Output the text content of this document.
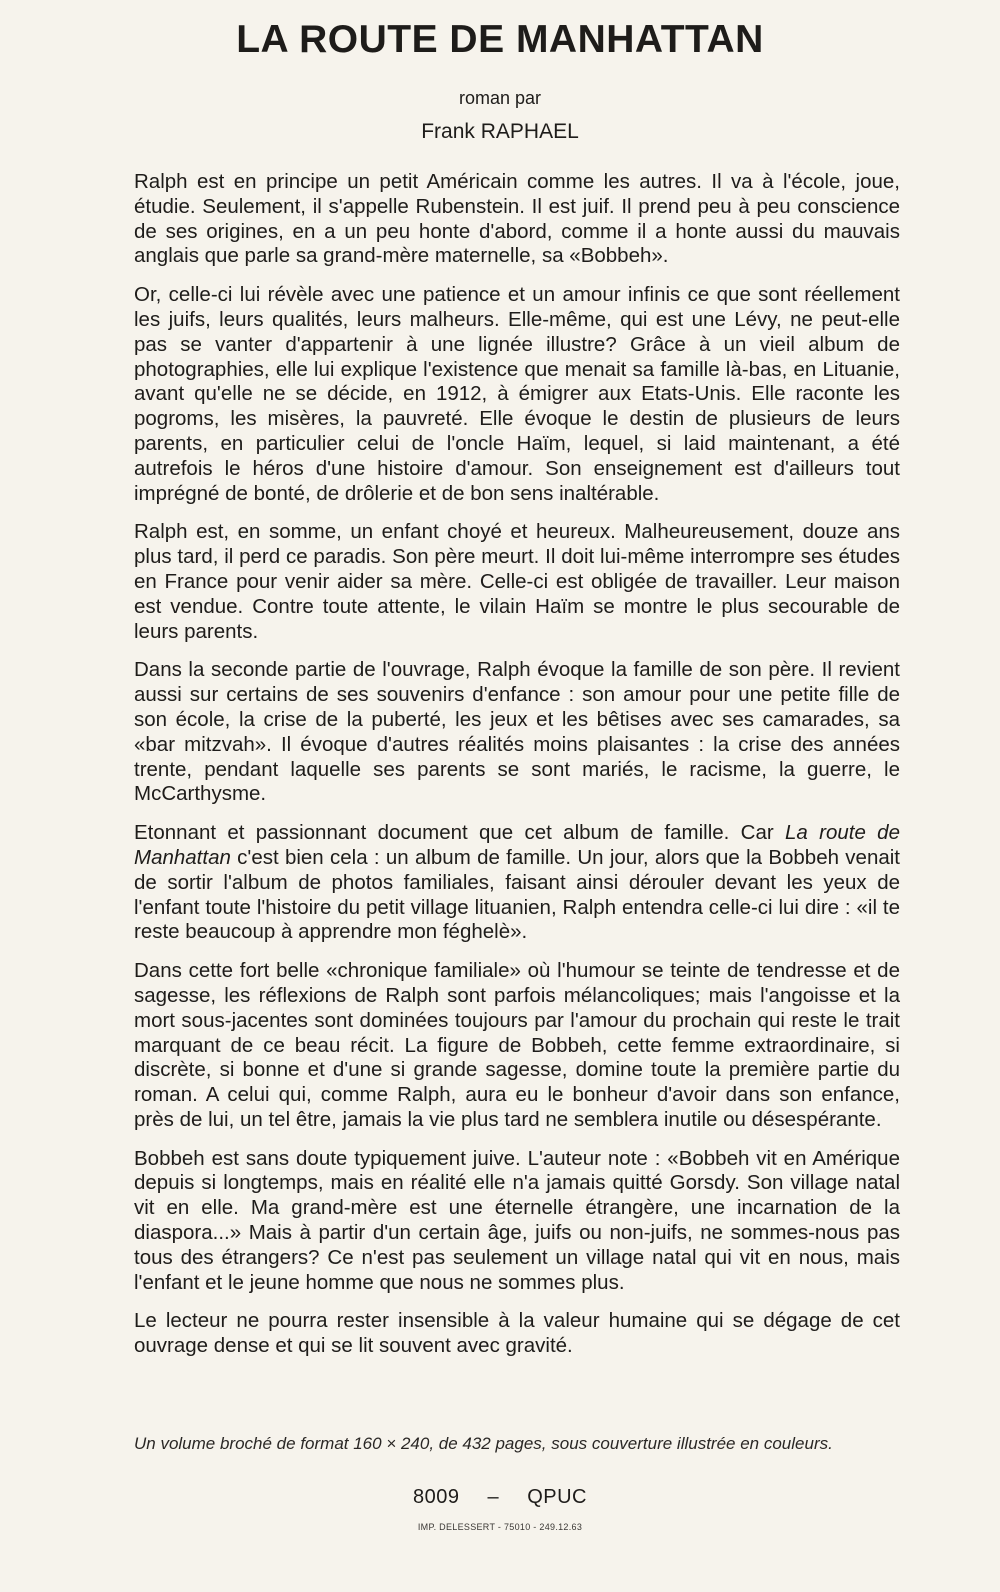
LA ROUTE DE MANHATTAN
roman par
Frank RAPHAEL

Ralph est en principe un petit Américain comme les autres. Il va à l'école, joue, étudie. Seulement, il s'appelle Rubenstein. Il est juif. Il prend peu à peu conscience de ses origines, en a un peu honte d'abord, comme il a honte aussi du mauvais anglais que parle sa grand-mère maternelle, sa «Bobbeh».

Or, celle-ci lui révèle avec une patience et un amour infinis ce que sont réellement les juifs, leurs qualités, leurs malheurs. Elle-même, qui est une Lévy, ne peut-elle pas se vanter d'appartenir à une lignée illustre? Grâce à un vieil album de photographies, elle lui explique l'existence que menait sa famille là-bas, en Lituanie, avant qu'elle ne se décide, en 1912, à émigrer aux Etats-Unis. Elle raconte les pogroms, les misères, la pauvreté. Elle évoque le destin de plusieurs de leurs parents, en particulier celui de l'oncle Haïm, lequel, si laid maintenant, a été autrefois le héros d'une histoire d'amour. Son enseignement est d'ailleurs tout imprégné de bonté, de drôlerie et de bon sens inaltérable.

Ralph est, en somme, un enfant choyé et heureux. Malheureusement, douze ans plus tard, il perd ce paradis. Son père meurt. Il doit lui-même interrompre ses études en France pour venir aider sa mère. Celle-ci est obligée de travailler. Leur maison est vendue. Contre toute attente, le vilain Haïm se montre le plus secourable de leurs parents.

Dans la seconde partie de l'ouvrage, Ralph évoque la famille de son père. Il revient aussi sur certains de ses souvenirs d'enfance : son amour pour une petite fille de son école, la crise de la puberté, les jeux et les bêtises avec ses camarades, sa «bar mitzvah». Il évoque d'autres réalités moins plaisantes : la crise des années trente, pendant laquelle ses parents se sont mariés, le racisme, la guerre, le McCarthysme.

Etonnant et passionnant document que cet album de famille. Car La route de Manhattan c'est bien cela : un album de famille. Un jour, alors que la Bobbeh venait de sortir l'album de photos familiales, faisant ainsi dérouler devant les yeux de l'enfant toute l'histoire du petit village lituanien, Ralph entendra celle-ci lui dire : «il te reste beaucoup à apprendre mon féghelè».

Dans cette fort belle «chronique familiale» où l'humour se teinte de tendresse et de sagesse, les réflexions de Ralph sont parfois mélancoliques; mais l'angoisse et la mort sous-jacentes sont dominées toujours par l'amour du prochain qui reste le trait marquant de ce beau récit. La figure de Bobbeh, cette femme extraordinaire, si discrète, si bonne et d'une si grande sagesse, domine toute la première partie du roman. A celui qui, comme Ralph, aura eu le bonheur d'avoir dans son enfance, près de lui, un tel être, jamais la vie plus tard ne semblera inutile ou désespérante.

Bobbeh est sans doute typiquement juive. L'auteur note : «Bobbeh vit en Amérique depuis si longtemps, mais en réalité elle n'a jamais quitté Gorsdy. Son village natal vit en elle. Ma grand-mère est une éternelle étrangère, une incarnation de la diaspora...» Mais à partir d'un certain âge, juifs ou non-juifs, ne sommes-nous pas tous des étrangers? Ce n'est pas seulement un village natal qui vit en nous, mais l'enfant et le jeune homme que nous ne sommes plus.

Le lecteur ne pourra rester insensible à la valeur humaine qui se dégage de cet ouvrage dense et qui se lit souvent avec gravité.

Un volume broché de format 160 × 240, de 432 pages, sous couverture illustrée en couleurs.
8009 – QPUC
IMP. DELESSERT - 75010 - 249.12.63
